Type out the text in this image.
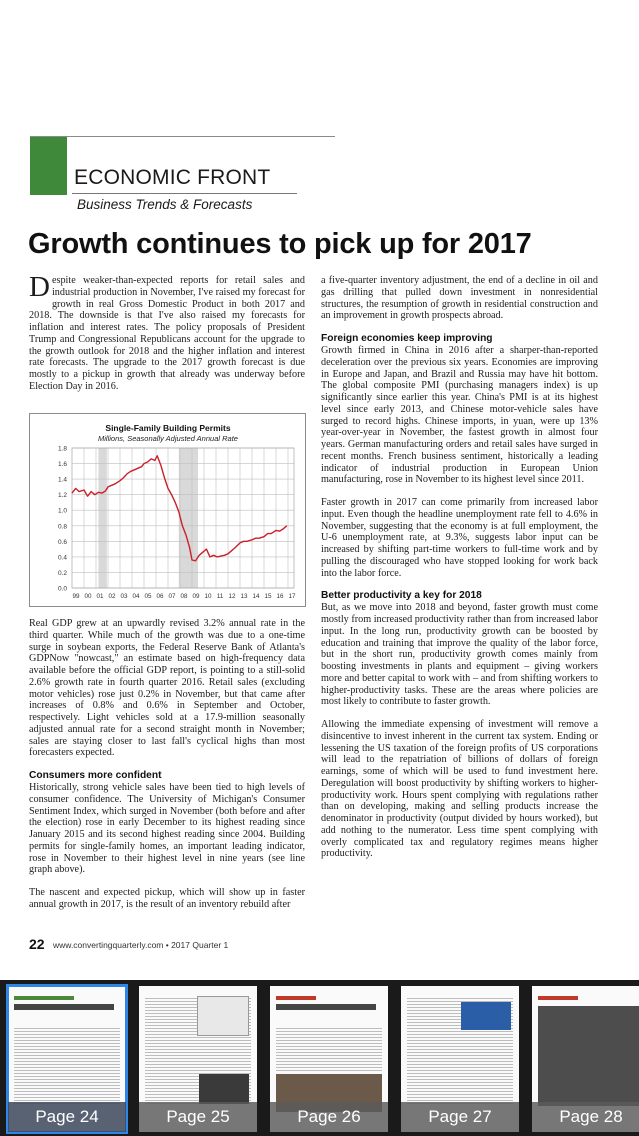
ECONOMIC FRONT
Business Trends & Forecasts
Growth continues to pick up for 2017

Despite weaker-than-expected reports for retail sales and industrial production in November, I've raised my forecast for growth in real Gross Domestic Product in both 2017 and 2018. The downside is that I've also raised my forecasts for inflation and interest rates. The policy proposals of President Trump and Congressional Republicans account for the upgrade to the growth outlook for 2018 and the higher inflation and interest rate forecasts. The upgrade to the 2017 growth forecast is due mostly to a pickup in growth that already was underway before Election Day in 2016.

Single-Family Building Permits
Millions, Seasonally Adjusted Annual Rate
0.0
0.2
0.4
0.6
0.8
1.0
1.2
1.4
1.6
1.8
99 00 01 02 03 04 05 06 07 08 09 10 11 12 13 14 15 16 17

Real GDP grew at an upwardly revised 3.2% annual rate in the third quarter. While much of the growth was due to a one-time surge in soybean exports, the Federal Reserve Bank of Atlanta's GDPNow "nowcast," an estimate based on high-frequency data available before the official GDP report, is pointing to a still-solid 2.6% growth rate in fourth quarter 2016. Retail sales (excluding motor vehicles) rose just 0.2% in November, but that came after increases of 0.8% and 0.6% in September and October, respectively. Light vehicles sold at a 17.9-million seasonally adjusted annual rate for a second straight month in November; sales are staying closer to last fall's cyclical highs than most forecasters expected.

Consumers more confident

Historically, strong vehicle sales have been tied to high levels of consumer confidence. The University of Michigan's Consumer Sentiment Index, which surged in November (both before and after the election) rose in early December to its highest reading since January 2015 and its second highest reading since 2004. Building permits for single-family homes, an important leading indicator, rose in November to their highest level in nine years (see line graph above).

The nascent and expected pickup, which will show up in faster annual growth in 2017, is the result of an inventory rebuild after

a five-quarter inventory adjustment, the end of a decline in oil and gas drilling that pulled down investment in nonresidential structures, the resumption of growth in residential construction and an improvement in growth prospects abroad.

Foreign economies keep improving

Growth firmed in China in 2016 after a sharper-than-reported deceleration over the previous six years. Economies are improving in Europe and Japan, and Brazil and Russia may have hit bottom. The global composite PMI (purchasing managers index) is up significantly since earlier this year. China's PMI is at its highest level since early 2013, and Chinese motor-vehicle sales have surged to record highs. Chinese imports, in yuan, were up 13% year-over-year in November, the fastest growth in almost four years. German manufacturing orders and retail sales have surged in recent months. French business sentiment, historically a leading indicator of industrial production in European Union manufacturing, rose in November to its highest level since 2011.

Faster growth in 2017 can come primarily from increased labor input. Even though the headline unemployment rate fell to 4.6% in November, suggesting that the economy is at full employment, the U-6 unemployment rate, at 9.3%, suggests labor input can be increased by shifting part-time workers to full-time work and by pulling the discouraged who have stopped looking for work back into the labor force.

Better productivity a key for 2018

But, as we move into 2018 and beyond, faster growth must come mostly from increased productivity rather than from increased labor input. In the long run, productivity growth can be boosted by education and training that improve the quality of the labor force, but in the short run, productivity growth comes mainly from boosting investments in plants and equipment – giving workers more and better capital to work with – and from shifting workers to higher-productivity tasks. These are the areas where policies are most likely to contribute to faster growth.

Allowing the immediate expensing of investment will remove a disincentive to invest inherent in the current tax system. Ending or lessening the US taxation of the foreign profits of US corporations will lead to the repatriation of billions of dollars of foreign earnings, some of which will be used to fund investment here. Deregulation will boost productivity by shifting workers to higher-productivity work. Hours spent complying with regulations rather than on developing, making and selling products increase the denominator in productivity (output divided by hours worked), but add nothing to the numerator. Less time spent complying with overly complicated tax and regulatory regimes means higher productivity.

22 www.convertingquarterly.com • 2017 Quarter 1
Page 24	Page 25	Page 26	Page 27	Page 28
